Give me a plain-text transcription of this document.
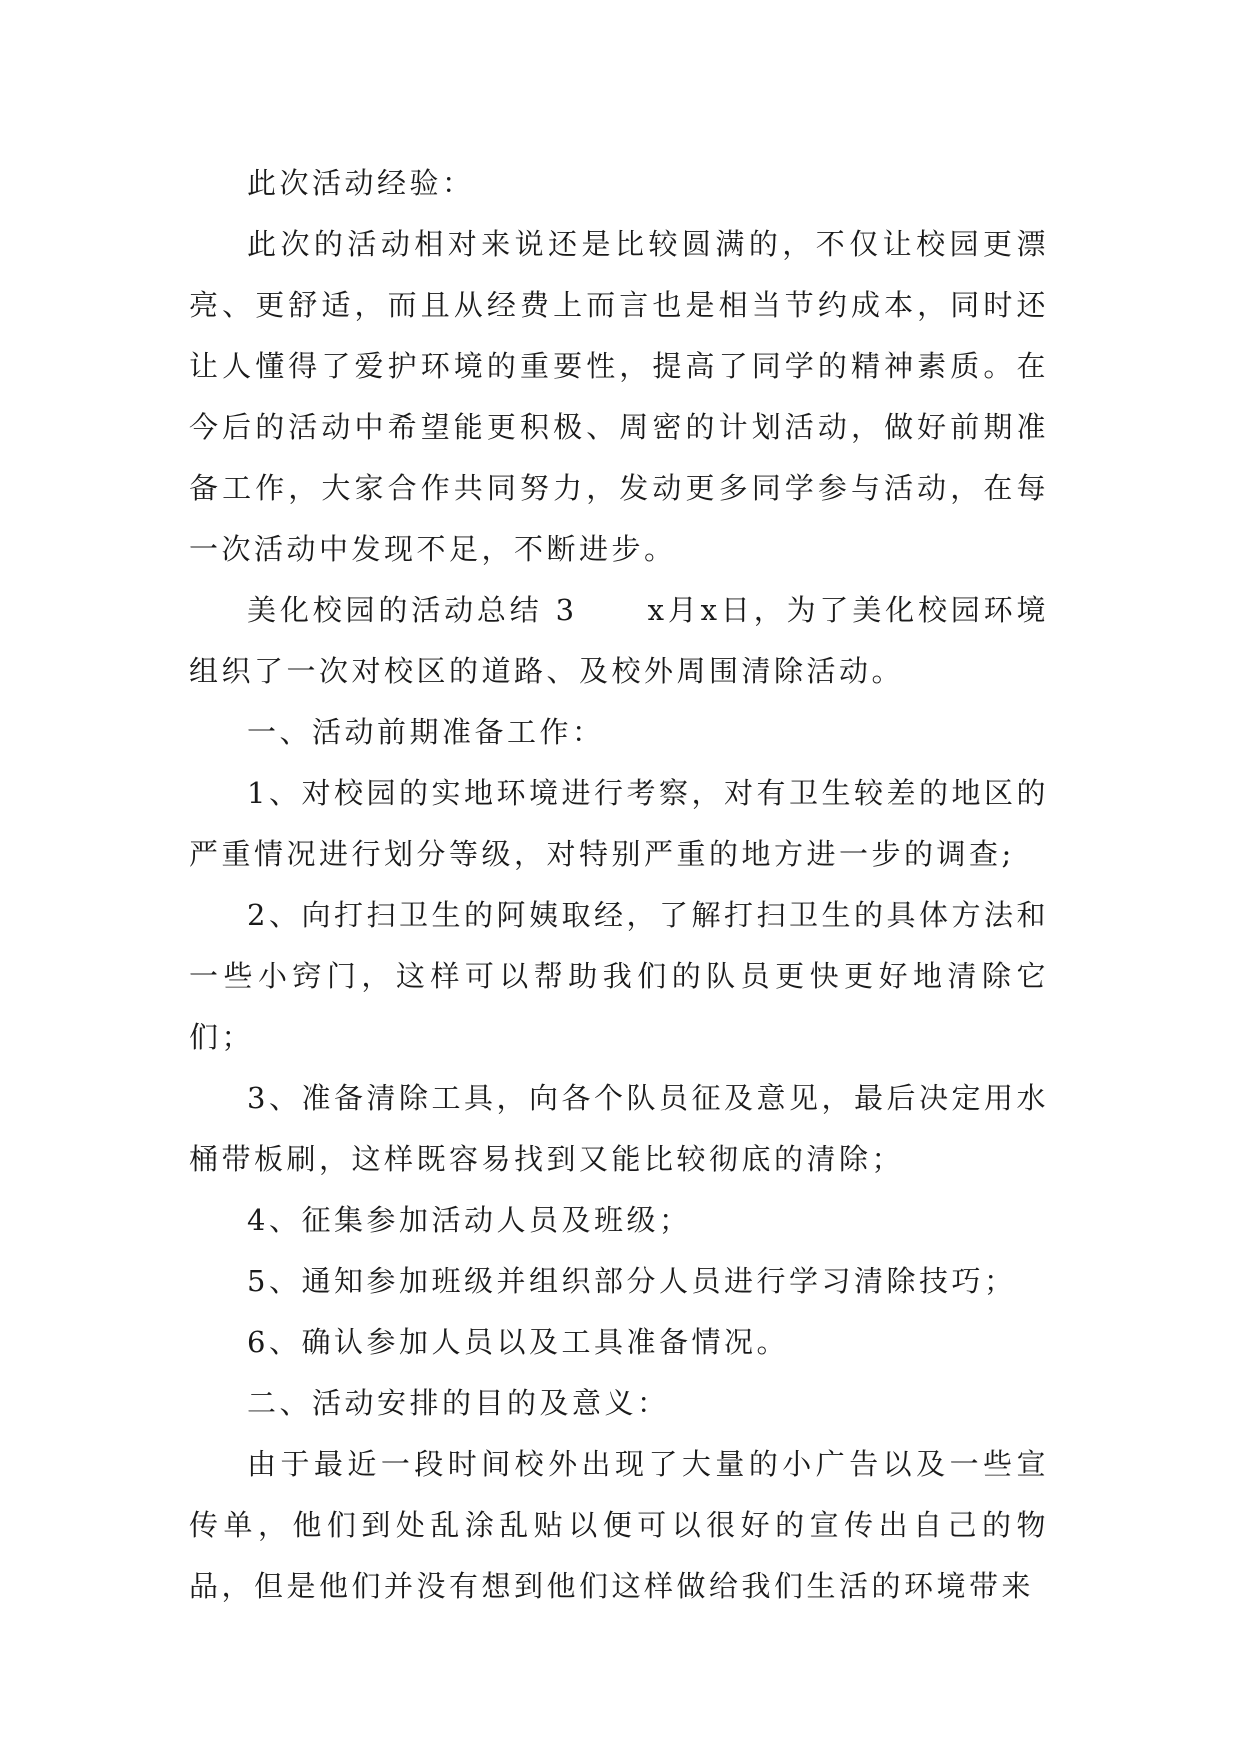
此次活动经验：

此次的活动相对来说还是比较圆满的，不仅让校园更漂亮、更舒适，而且从经费上而言也是相当节约成本，同时还让人懂得了爱护环境的重要性，提高了同学的精神素质。在今后的活动中希望能更积极、周密的计划活动，做好前期准备工作，大家合作共同努力，发动更多同学参与活动，在每一次活动中发现不足，不断进步。

美化校园的活动总结 3 x月x日，为了美化校园环境组织了一次对校区的道路、及校外周围清除活动。

一、活动前期准备工作：

1、对校园的实地环境进行考察，对有卫生较差的地区的严重情况进行划分等级，对特别严重的地方进一步的调查;

2、向打扫卫生的阿姨取经，了解打扫卫生的具体方法和一些小窍门，这样可以帮助我们的队员更快更好地清除它们；

3、准备清除工具，向各个队员征及意见，最后决定用水桶带板刷，这样既容易找到又能比较彻底的清除；

4、征集参加活动人员及班级；

5、通知参加班级并组织部分人员进行学习清除技巧；

6、确认参加人员以及工具准备情况。

二、活动安排的目的及意义：

由于最近一段时间校外出现了大量的小广告以及一些宣传单，他们到处乱涂乱贴以便可以很好的宣传出自己的物品，但是他们并没有想到他们这样做给我们生活的环境带来
